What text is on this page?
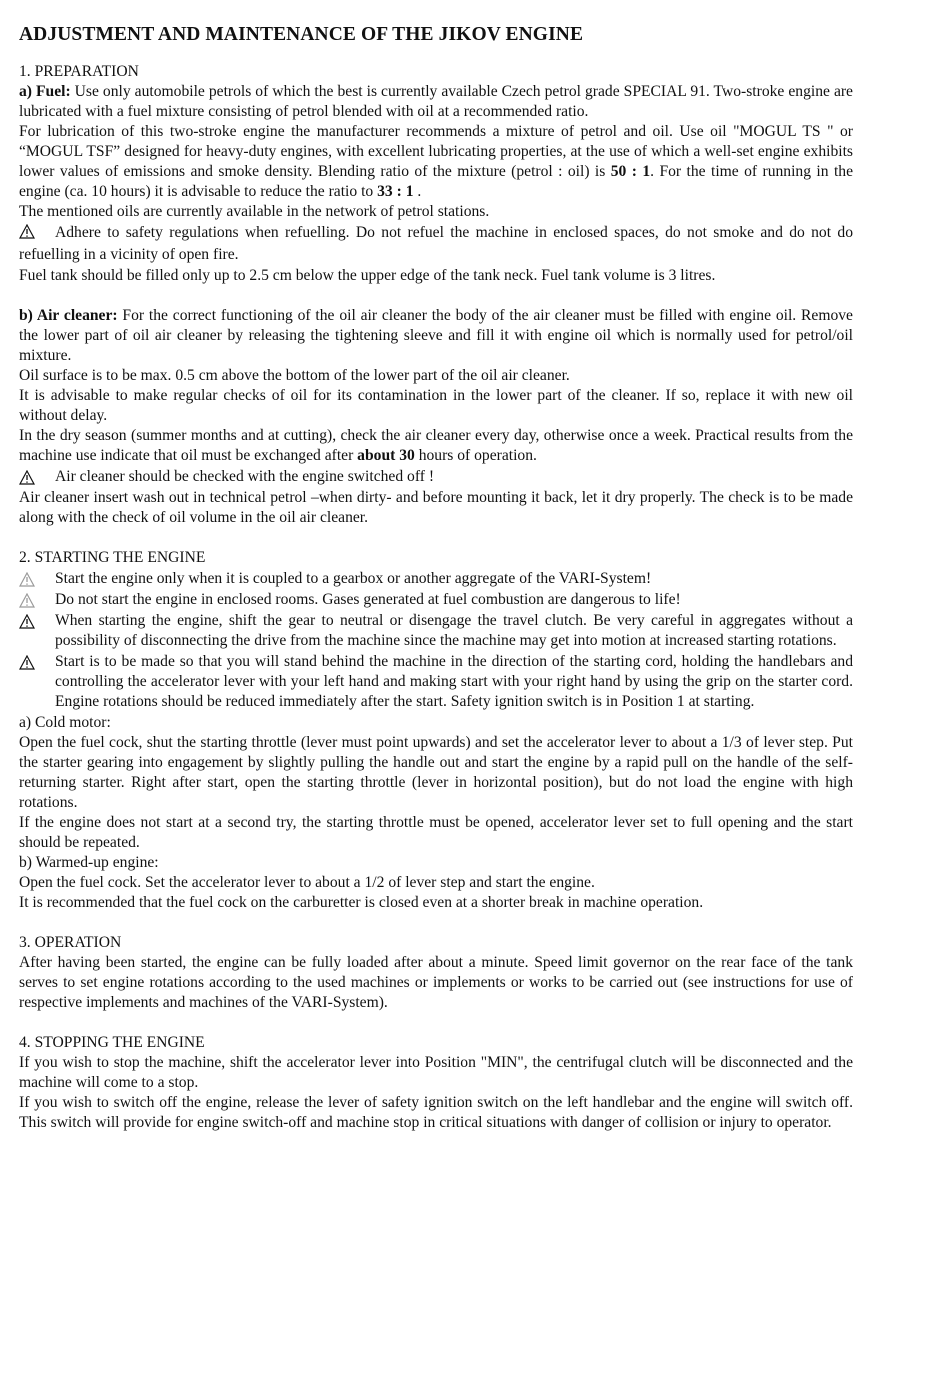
ADJUSTMENT AND MAINTENANCE OF THE JIKOV ENGINE
1. PREPARATION

a) Fuel: Use only automobile petrols of which the best is currently available Czech petrol grade SPECIAL 91. Two-stroke engine are lubricated with a fuel mixture consisting of petrol blended with oil at a recommended ratio.

For lubrication of this two-stroke engine the manufacturer recommends a mixture of petrol and oil. Use oil "MOGUL TS " or “MOGUL TSF” designed for heavy-duty engines, with excellent lubricating properties, at the use of which a well-set engine exhibits lower values of emissions and smoke density. Blending ratio of the mixture (petrol : oil) is 50 : 1. For the time of running in the engine (ca. 10 hours) it is advisable to reduce the ratio to 33 : 1 .

The mentioned oils are currently available in the network of petrol stations.

Adhere to safety regulations when refuelling. Do not refuel the machine in enclosed spaces, do not smoke and do not do refuelling in a vicinity of open fire.

Fuel tank should be filled only up to 2.5 cm below the upper edge of the tank neck. Fuel tank volume is 3 litres.

b) Air cleaner: For the correct functioning of the oil air cleaner the body of the air cleaner must be filled with engine oil. Remove the lower part of oil air cleaner by releasing the tightening sleeve and fill it with engine oil which is normally used for petrol/oil mixture.

Oil surface is to be max. 0.5 cm above the bottom of the lower part of the oil air cleaner.

It is advisable to make regular checks of oil for its contamination in the lower part of the cleaner. If so, replace it with new oil without delay.

In the dry season (summer months and at cutting), check the air cleaner every day, otherwise once a week. Practical results from the machine use indicate that oil must be exchanged after about 30 hours of operation.

Air cleaner should be checked with the engine switched off !

Air cleaner insert wash out in technical petrol –when dirty- and before mounting it back, let it dry properly. The check is to be made along with the check of oil volume in the oil air cleaner.

2. STARTING THE ENGINE
Start the engine only when it is coupled to a gearbox or another aggregate of the VARI-System!
Do not start the engine in enclosed rooms. Gases generated at fuel combustion are dangerous to life!
When starting the engine, shift the gear to neutral or disengage the travel clutch. Be very careful in aggregates without a possibility of disconnecting the drive from the machine since the machine may get into motion at increased starting rotations.
Start is to be made so that you will stand behind the machine in the direction of the starting cord, holding the handlebars and controlling the accelerator lever with your left hand and making start with your right hand by using the grip on the starter cord. Engine rotations should be reduced immediately after the start. Safety ignition switch is in Position 1 at starting.

a) Cold motor:

Open the fuel cock, shut the starting throttle (lever must point upwards) and set the accelerator lever to about a 1/3 of lever step. Put the starter gearing into engagement by slightly pulling the handle out and start the engine by a rapid pull on the handle of the self-returning starter. Right after start, open the starting throttle (lever in horizontal position), but do not load the engine with high rotations.

If the engine does not start at a second try, the starting throttle must be opened, accelerator lever set to full opening and the start should be repeated.

b) Warmed-up engine:

Open the fuel cock. Set the accelerator lever to about a 1/2 of lever step and start the engine.

It is recommended that the fuel cock on the carburetter is closed even at a shorter break in machine operation.

3. OPERATION

After having been started, the engine can be fully loaded after about a minute. Speed limit governor on the rear face of the tank serves to set engine rotations according to the used machines or implements or works to be carried out (see instructions for use of respective implements and machines of the VARI-System).

4. STOPPING THE ENGINE

If you wish to stop the machine, shift the accelerator lever into Position "MIN", the centrifugal clutch will be disconnected and the machine will come to a stop.

If you wish to switch off the engine, release the lever of safety ignition switch on the left handlebar and the engine will switch off. This switch will provide for engine switch-off and machine stop in critical situations with danger of collision or injury to operator.
